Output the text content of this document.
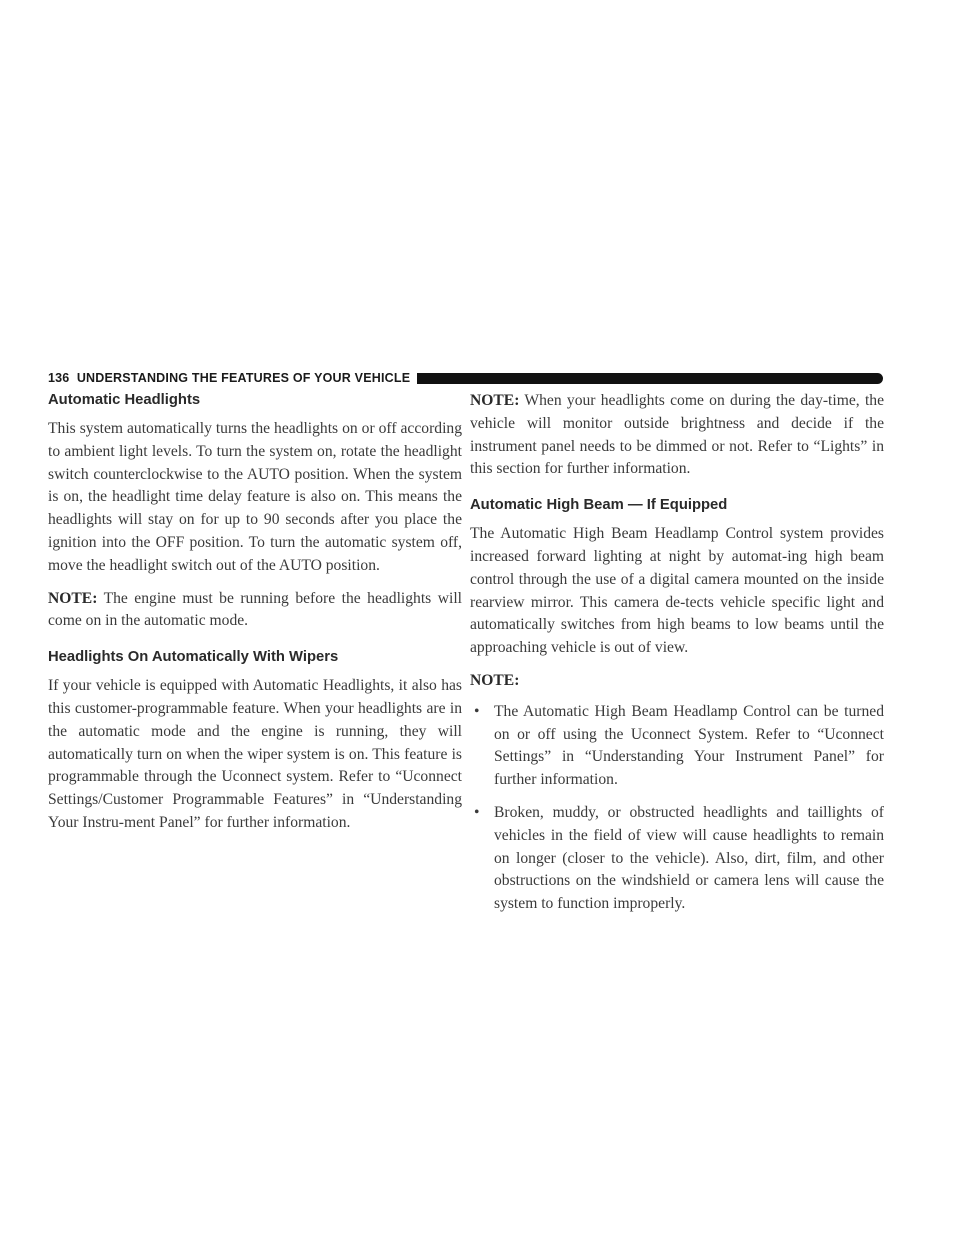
136 UNDERSTANDING THE FEATURES OF YOUR VEHICLE
Automatic Headlights

This system automatically turns the headlights on or off according to ambient light levels. To turn the system on, rotate the headlight switch counterclockwise to the AUTO position. When the system is on, the headlight time delay feature is also on. This means the headlights will stay on for up to 90 seconds after you place the ignition into the OFF position. To turn the automatic system off, move the headlight switch out of the AUTO position.

NOTE: The engine must be running before the headlights will come on in the automatic mode.

Headlights On Automatically With Wipers

If your vehicle is equipped with Automatic Headlights, it also has this customer-programmable feature. When your headlights are in the automatic mode and the engine is running, they will automatically turn on when the wiper system is on. This feature is programmable through the Uconnect system. Refer to “Uconnect Settings/Customer Programmable Features” in “Understanding Your Instru-ment Panel” for further information.

NOTE: When your headlights come on during the day-time, the vehicle will monitor outside brightness and decide if the instrument panel needs to be dimmed or not. Refer to “Lights” in this section for further information.

Automatic High Beam — If Equipped

The Automatic High Beam Headlamp Control system provides increased forward lighting at night by automat-ing high beam control through the use of a digital camera mounted on the inside rearview mirror. This camera de-tects vehicle specific light and automatically switches from high beams to low beams until the approaching vehicle is out of view.

NOTE:

• The Automatic High Beam Headlamp Control can be turned on or off using the Uconnect System. Refer to “Uconnect Settings” in “Understanding Your Instrument Panel” for further information.
• Broken, muddy, or obstructed headlights and taillights of vehicles in the field of view will cause headlights to remain on longer (closer to the vehicle). Also, dirt, film, and other obstructions on the windshield or camera lens will cause the system to function improperly.
